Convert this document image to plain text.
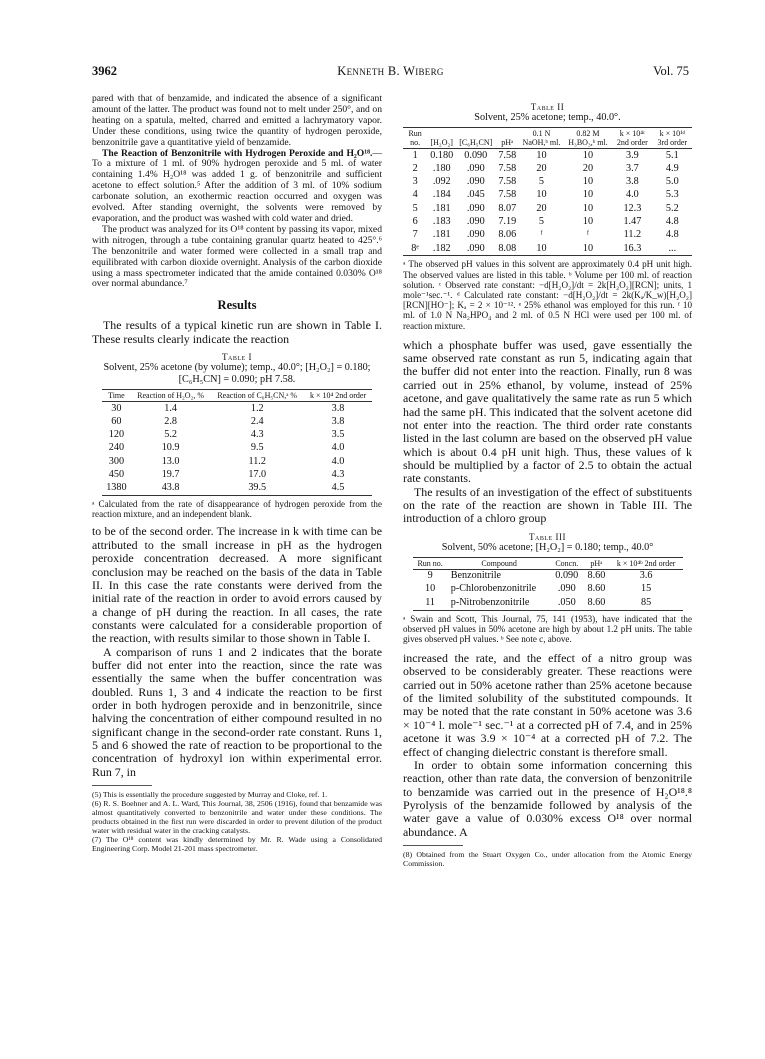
3962	Kenneth B. Wiberg	Vol. 75

pared with that of benzamide, and indicated the absence of a significant amount of the latter. The product was found not to melt under 250°, and on heating on a spatula, melted, charred and emitted a lachrymatory vapor. Under these conditions, using twice the quantity of hydrogen peroxide, benzonitrile gave a quantitative yield of benzamide.

The Reaction of Benzonitrile with Hydrogen Peroxide and H₂O¹⁸.—To a mixture of 1 ml. of 90% hydrogen peroxide and 5 ml. of water containing 1.4% H₂O¹⁸ was added 1 g. of benzonitrile and sufficient acetone to effect solution.⁵ After the addition of 3 ml. of 10% sodium carbonate solution, an exothermic reaction occurred and oxygen was evolved. After standing overnight, the solvents were removed by evaporation, and the product was washed with cold water and dried.

The product was analyzed for its O¹⁸ content by passing its vapor, mixed with nitrogen, through a tube containing granular quartz heated to 425°.⁶ The benzonitrile and water formed were collected in a small trap and equilibrated with carbon dioxide overnight. Analysis of the carbon dioxide using a mass spectrometer indicated that the amide contained 0.030% O¹⁸ over normal abundance.⁷

Results

The results of a typical kinetic run are shown in Table I. These results clearly indicate the reaction

Table I
Solvent, 25% acetone (by volume); temp., 40.0°; [H₂O₂] = 0.180; [C₆H₅CN] = 0.090; pH 7.58.
Time	Reaction of H₂O₂, %	Reaction of C₆H₅CN,ᵃ %	k × 10⁴ 2nd order
30	1.4	1.2	3.8
60	2.8	2.4	3.8
120	5.2	4.3	3.5
240	10.9	9.5	4.0
300	13.0	11.2	4.0
450	19.7	17.0	4.3
1380	43.8	39.5	4.5

ᵃ Calculated from the rate of disappearance of hydrogen peroxide from the reaction mixture, and an independent blank.

to be of the second order. The increase in k with time can be attributed to the small increase in pH as the hydrogen peroxide concentration decreased. A more significant conclusion may be reached on the basis of the data in Table II. In this case the rate constants were derived from the initial rate of the reaction in order to avoid errors caused by a change of pH during the reaction. In all cases, the rate constants were calculated for a considerable proportion of the reaction, with results similar to those shown in Table I.

A comparison of runs 1 and 2 indicates that the borate buffer did not enter into the reaction, since the rate was essentially the same when the buffer concentration was doubled. Runs 1, 3 and 4 indicate the reaction to be first order in both hydrogen peroxide and in benzonitrile, since halving the concentration of either compound resulted in no significant change in the second-order rate constant. Runs 1, 5 and 6 showed the rate of reaction to be proportional to the concentration of hydroxyl ion within experimental error. Run 7, in

(5) This is essentially the procedure suggested by Murray and Cloke, ref. 1.

(6) R. S. Boehner and A. L. Ward, This Journal, 38, 2506 (1916), found that benzamide was almost quantitatively converted to benzonitrile and water under these conditions. The products obtained in the first run were discarded in order to prevent dilution of the product water with residual water in the cracking catalysts.

(7) The O¹⁸ content was kindly determined by Mr. R. Wade using a Consolidated Engineering Corp. Model 21-201 mass spectrometer.

Table II
Solvent, 25% acetone; temp., 40.0°.
Run no.	[H₂O₂]	[C₆H₅CN]	pHᵃ	0.1 N NaOH,ᵇ ml.	0.82 M H₃BO₃,ᵇ ml.	k × 10⁴ᶜ 2nd order	k × 10¹ᵈ 3rd order
1	0.180	0.090	7.58	10	10	3.9	5.1
2	.180	.090	7.58	20	20	3.7	4.9
3	.092	.090	7.58	5	10	3.8	5.0
4	.184	.045	7.58	10	10	4.0	5.3
5	.181	.090	8.07	20	10	12.3	5.2
6	.183	.090	7.19	5	10	1.47	4.8
7	.181	.090	8.06	ᶠ	ᶠ	11.2	4.8
8ᵉ	.182	.090	8.08	10	10	16.3	...

ᵃ The observed pH values in this solvent are approximately 0.4 pH unit high. The observed values are listed in this table. ᵇ Volume per 100 ml. of reaction solution. ᶜ Observed rate constant: −d[H₂O₂]/dt = 2k[H₂O₂][RCN]; units, 1 mole⁻¹sec.⁻¹. ᵈ Calculated rate constant: −d[H₂O₂]/dt = 2k(Kₐ/K_w)[H₂O₂][RCN][HO⁻]; Kₐ = 2 × 10⁻¹². ᵉ 25% ethanol was employed for this run. ᶠ 10 ml. of 1.0 N Na₂HPO₄ and 2 ml. of 0.5 N HCl were used per 100 ml. of reaction mixture.

which a phosphate buffer was used, gave essentially the same observed rate constant as run 5, indicating again that the buffer did not enter into the reaction. Finally, run 8 was carried out in 25% ethanol, by volume, instead of 25% acetone, and gave qualitatively the same rate as run 5 which had the same pH. This indicated that the solvent acetone did not enter into the reaction. The third order rate constants listed in the last column are based on the observed pH value which is about 0.4 pH unit high. Thus, these values of k should be multiplied by a factor of 2.5 to obtain the actual rate constants.

The results of an investigation of the effect of substituents on the rate of the reaction are shown in Table III. The introduction of a chloro group

Table III
Solvent, 50% acetone; [H₂O₂] = 0.180; temp., 40.0°
Run no.	Compound	Concn.	pHᵃ	k × 10⁴ᵇ 2nd order
9	Benzonitrile	0.090	8.60	3.6
10	p-Chlorobenzonitrile	.090	8.60	15
11	p-Nitrobenzonitrile	.050	8.60	85

ᵃ Swain and Scott, This Journal, 75, 141 (1953), have indicated that the observed pH values in 50% acetone are high by about 1.2 pH units. The table gives observed pH values. ᵇ See note c, above.

increased the rate, and the effect of a nitro group was observed to be considerably greater. These reactions were carried out in 50% acetone rather than 25% acetone because of the limited solubility of the substituted compounds. It may be noted that the rate constant in 50% acetone was 3.6 × 10⁻⁴ l. mole⁻¹ sec.⁻¹ at a corrected pH of 7.4, and in 25% acetone it was 3.9 × 10⁻⁴ at a corrected pH of 7.2. The effect of changing dielectric constant is therefore small.

In order to obtain some information concerning this reaction, other than rate data, the conversion of benzonitrile to benzamide was carried out in the presence of H₂O¹⁸.⁸ Pyrolysis of the benzamide followed by analysis of the water gave a value of 0.030% excess O¹⁸ over normal abundance. A

(8) Obtained from the Stuart Oxygen Co., under allocation from the Atomic Energy Commission.
